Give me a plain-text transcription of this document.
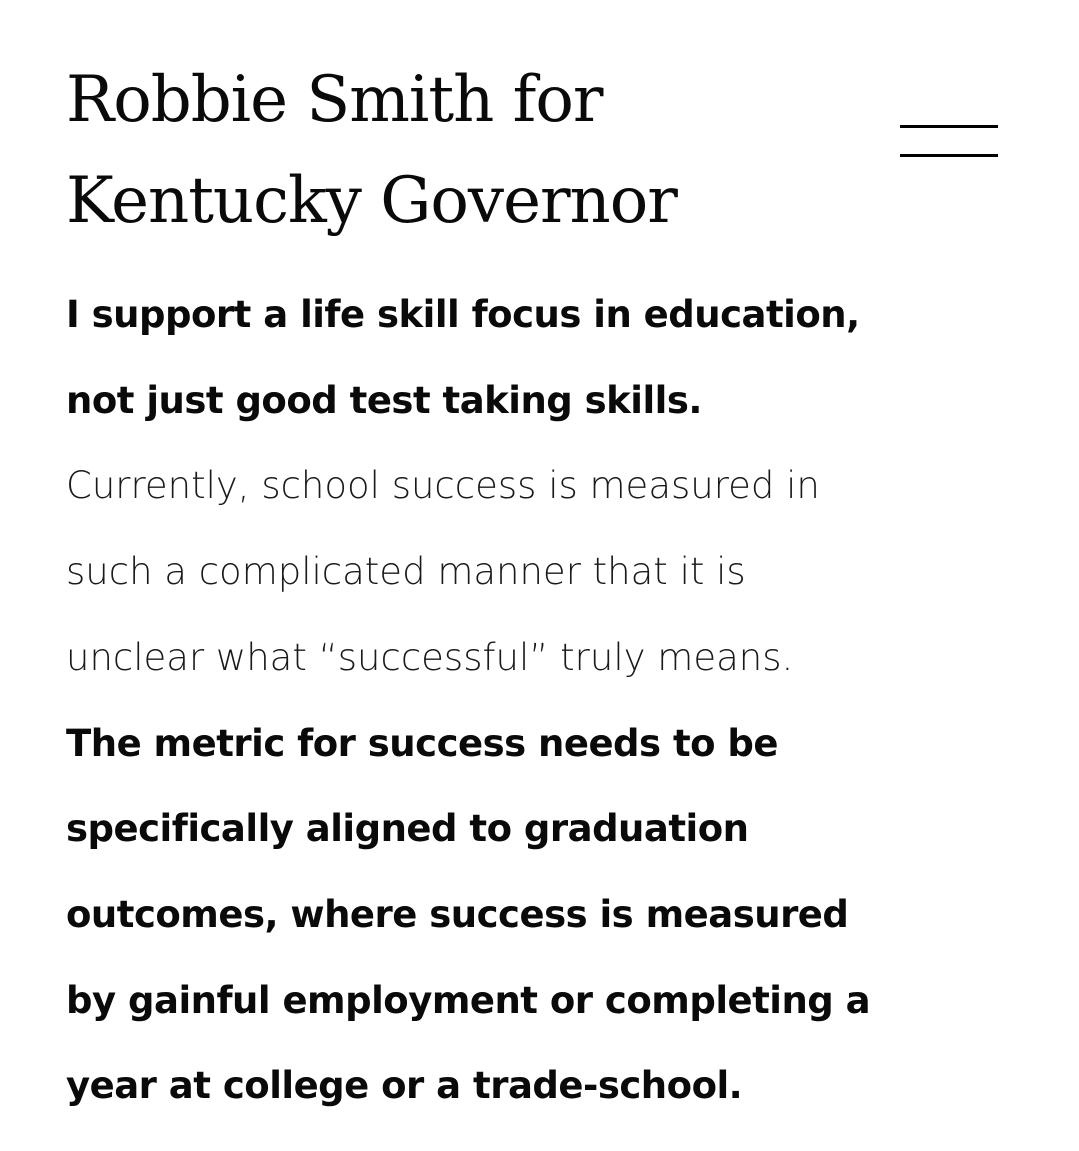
Robbie Smith for
Kentucky Governor

I support a life skill focus in education,
not just good test taking skills.

Currently, school success is measured in
such a complicated manner that it is
unclear what “successful” truly means.

The metric for success needs to be
specifically aligned to graduation
outcomes, where success is measured
by gainful employment or completing a
year at college or a trade-school.
